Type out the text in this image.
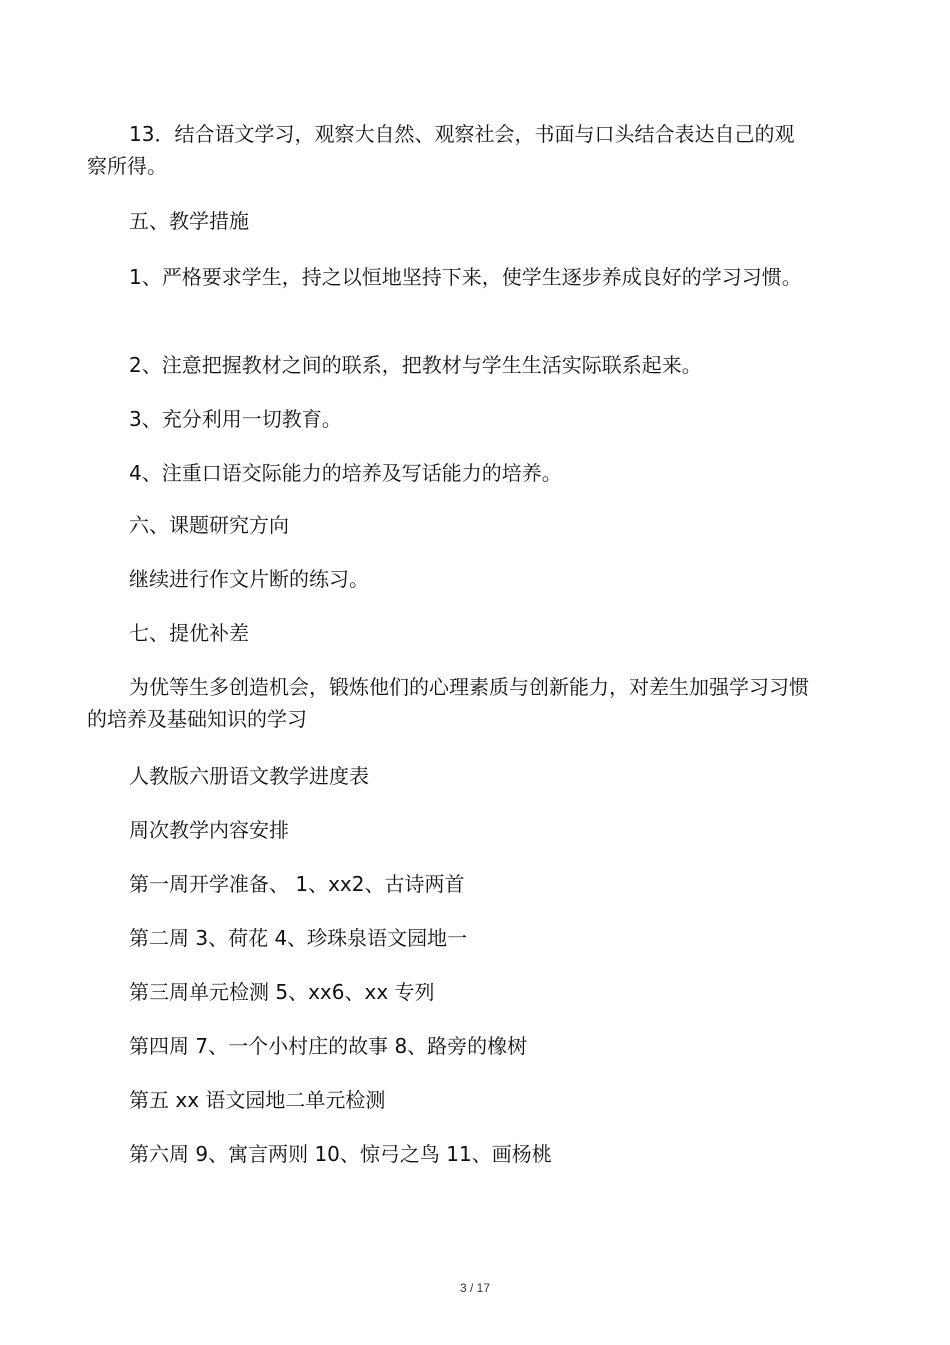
13．结合语文学习，观察大自然、观察社会，书面与口头结合表达自己的观察所得。

五、教学措施

1、严格要求学生，持之以恒地坚持下来，使学生逐步养成良好的学习习惯。

2、注意把握教材之间的联系，把教材与学生生活实际联系起来。

3、充分利用一切教育。

4、注重口语交际能力的培养及写话能力的培养。

六、课题研究方向

继续进行作文片断的练习。

七、提优补差

为优等生多创造机会，锻炼他们的心理素质与创新能力，对差生加强学习习惯的培养及基础知识的学习

人教版六册语文教学进度表

周次教学内容安排

第一周开学准备、 1、xx2、古诗两首

第二周 3、荷花 4、珍珠泉语文园地一

第三周单元检测 5、xx6、xx 专列

第四周 7、一个小村庄的故事 8、路旁的橡树

第五 xx 语文园地二单元检测

第六周 9、寓言两则 10、惊弓之鸟 11、画杨桃

3 / 17
